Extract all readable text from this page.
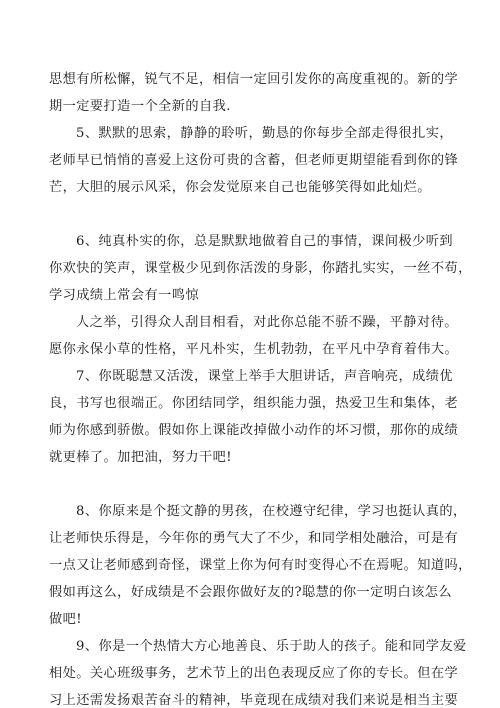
思想有所松懈，锐气不足，相信一定回引发你的高度重视的。新的学
期一定要打造一个全新的自我.
5、默默的思索，静静的聆听，勤恳的你每步全部走得很扎实，
老师早已悄悄的喜爱上这份可贵的含蓄，但老师更期望能看到你的锋
芒，大胆的展示风采，你会发觉原来自己也能够笑得如此灿烂。
6、纯真朴实的你，总是默默地做着自己的事情，课间极少听到
你欢快的笑声，课堂极少见到你活泼的身影，你踏扎实实，一丝不苟，
学习成绩上常会有一鸣惊
人之举，引得众人刮目相看，对此你总能不骄不躁，平静对待。
愿你永保小草的性格，平凡朴实，生机勃勃，在平凡中孕育着伟大。
7、你既聪慧又活泼，课堂上举手大胆讲话，声音响亮，成绩优
良，书写也很端正。你团结同学，组织能力强，热爱卫生和集体，老
师为你感到骄傲。假如你上课能改掉做小动作的坏习惯，那你的成绩
就更棒了。加把油，努力干吧!
8、你原来是个挺文静的男孩，在校遵守纪律，学习也挺认真的，
让老师快乐得是，今年你的勇气大了不少，和同学相处融洽，可是有
一点又让老师感到奇怪，课堂上你为何有时变得心不在焉呢。知道吗，
假如再这么，好成绩是不会跟你做好友的?聪慧的你一定明白该怎么
做吧!
9、你是一个热情大方心地善良、乐于助人的孩子。能和同学友爱
相处。关心班级事务，艺术节上的出色表现反应了你的专长。但在学
习上还需发扬艰苦奋斗的精神，毕竟现在成绩对我们来说是相当主要
